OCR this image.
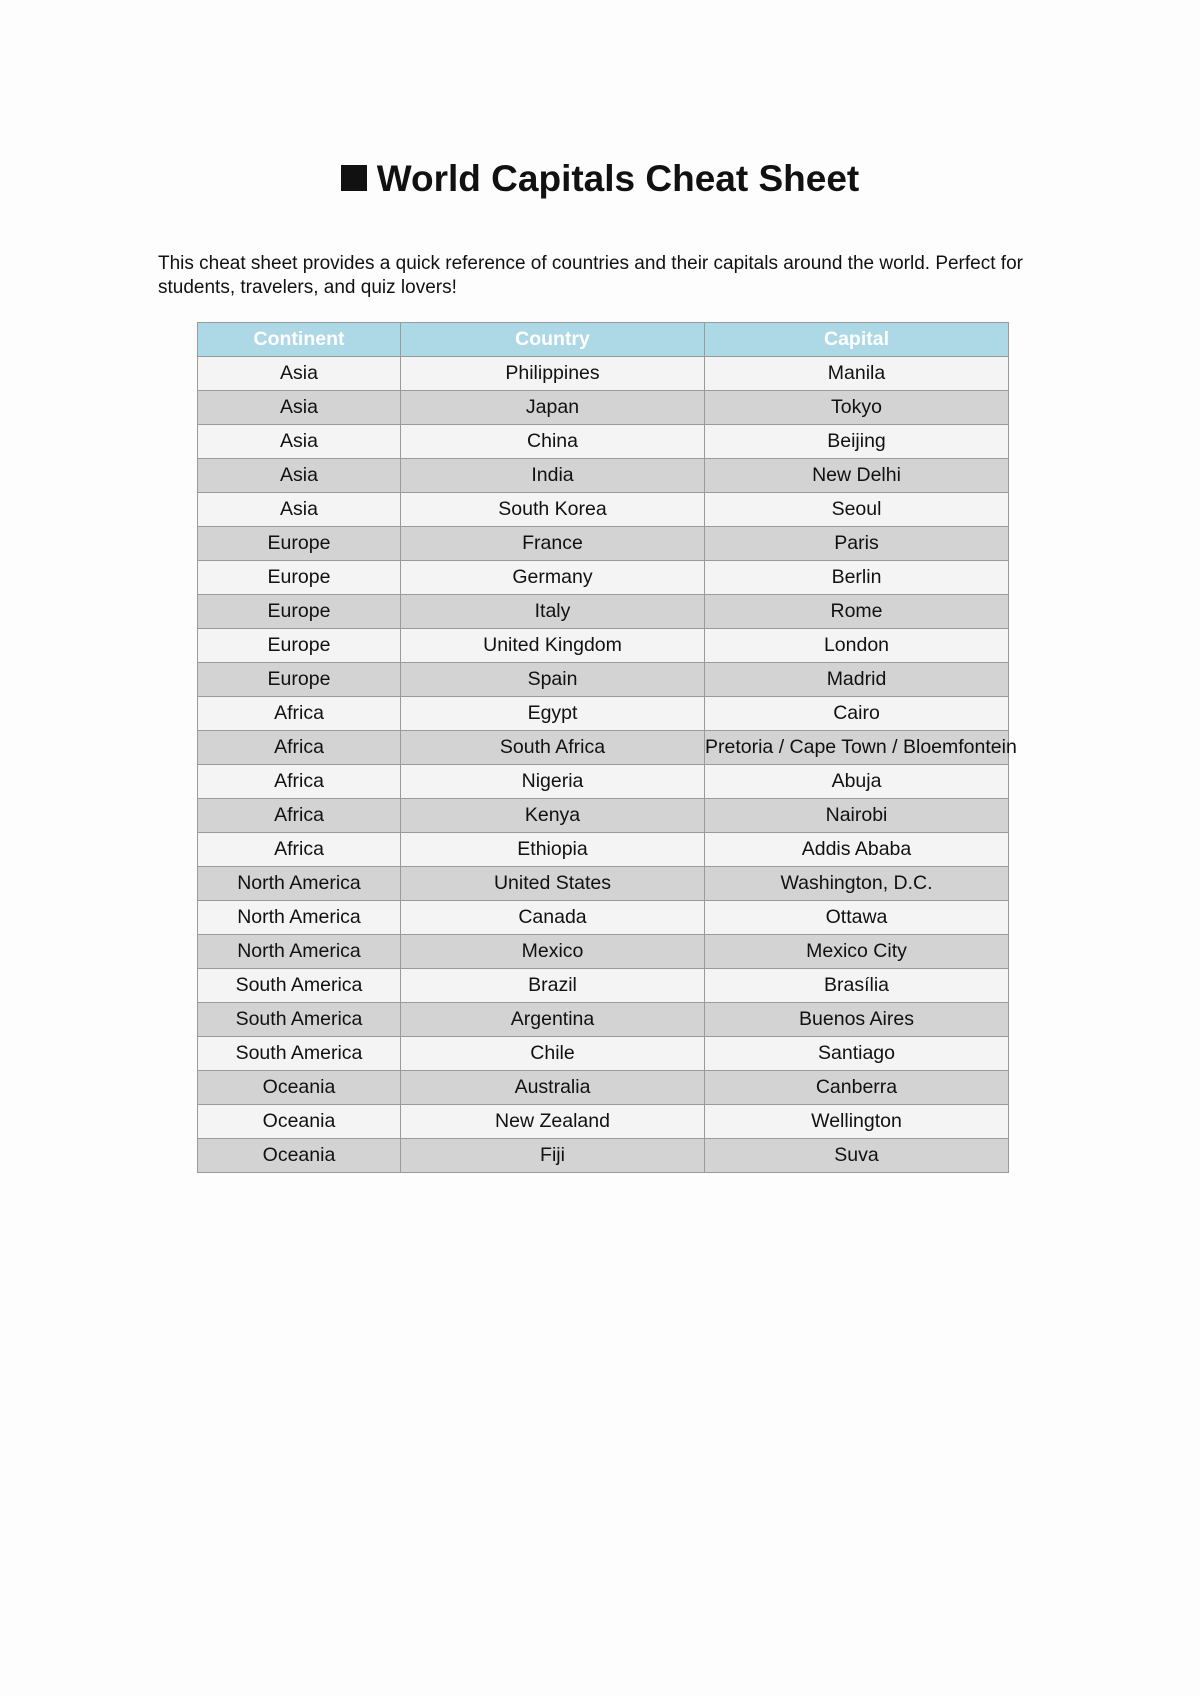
World Capitals Cheat Sheet

This cheat sheet provides a quick reference of countries and their capitals around the world. Perfect for students, travelers, and quiz lovers!

Continent	Country	Capital
Asia	Philippines	Manila
Asia	Japan	Tokyo
Asia	China	Beijing
Asia	India	New Delhi
Asia	South Korea	Seoul
Europe	France	Paris
Europe	Germany	Berlin
Europe	Italy	Rome
Europe	United Kingdom	London
Europe	Spain	Madrid
Africa	Egypt	Cairo
Africa	South Africa	Pretoria / Cape Town / Bloemfontein
Africa	Nigeria	Abuja
Africa	Kenya	Nairobi
Africa	Ethiopia	Addis Ababa
North America	United States	Washington, D.C.
North America	Canada	Ottawa
North America	Mexico	Mexico City
South America	Brazil	Brasília
South America	Argentina	Buenos Aires
South America	Chile	Santiago
Oceania	Australia	Canberra
Oceania	New Zealand	Wellington
Oceania	Fiji	Suva
